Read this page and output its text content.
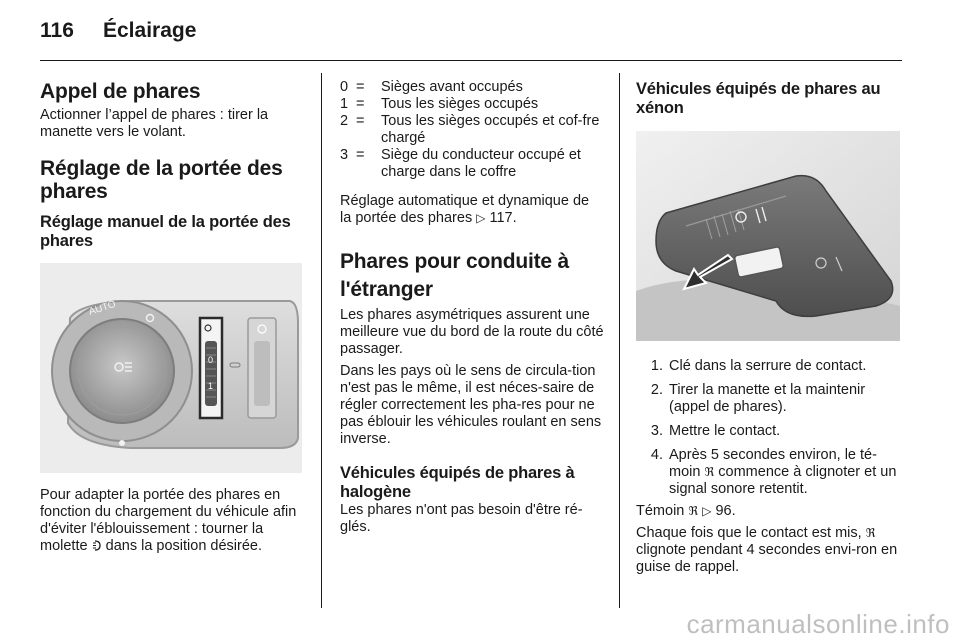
116 Éclairage
Appel de phares

Actionner l’appel de phares : tirer la manette vers le volant.

Réglage de la portée des phares
Réglage manuel de la portée des phares
AUTO
0
1

Pour adapter la portée des phares en fonction du chargement du véhicule afin d'éviter l'éblouissement : tourner la molette dans la position désirée.

0 =	Sièges avant occupés
1 =	Tous les sièges occupés
2 =	Tous les sièges occupés et cof-fre chargé
3 =	Siège du conducteur occupé et charge dans le coffre

Réglage automatique et dynamique de la portée des phares ▷ 117.

Phares pour conduite à l'étranger

Les phares asymétriques assurent une meilleure vue du bord de la route du côté passager.

Dans les pays où le sens de circula-tion n'est pas le même, il est néces-saire de régler correctement les pha-res pour ne pas éblouir les véhicules roulant en sens inverse.

Véhicules équipés de phares à halogène

Les phares n'ont pas besoin d'être ré-glés.

Véhicules équipés de phares au xénon
1. Clé dans la serrure de contact.
2. Tirer la manette et la maintenir (appel de phares).
3. Mettre le contact.
4. Après 5 secondes environ, le té-moin ℜ commence à clignoter et un signal sonore retentit.

Témoin ℜ ▷ 96.

Chaque fois que le contact est mis, ℜ clignote pendant 4 secondes envi-ron en guise de rappel.

carmanualsonline.info
